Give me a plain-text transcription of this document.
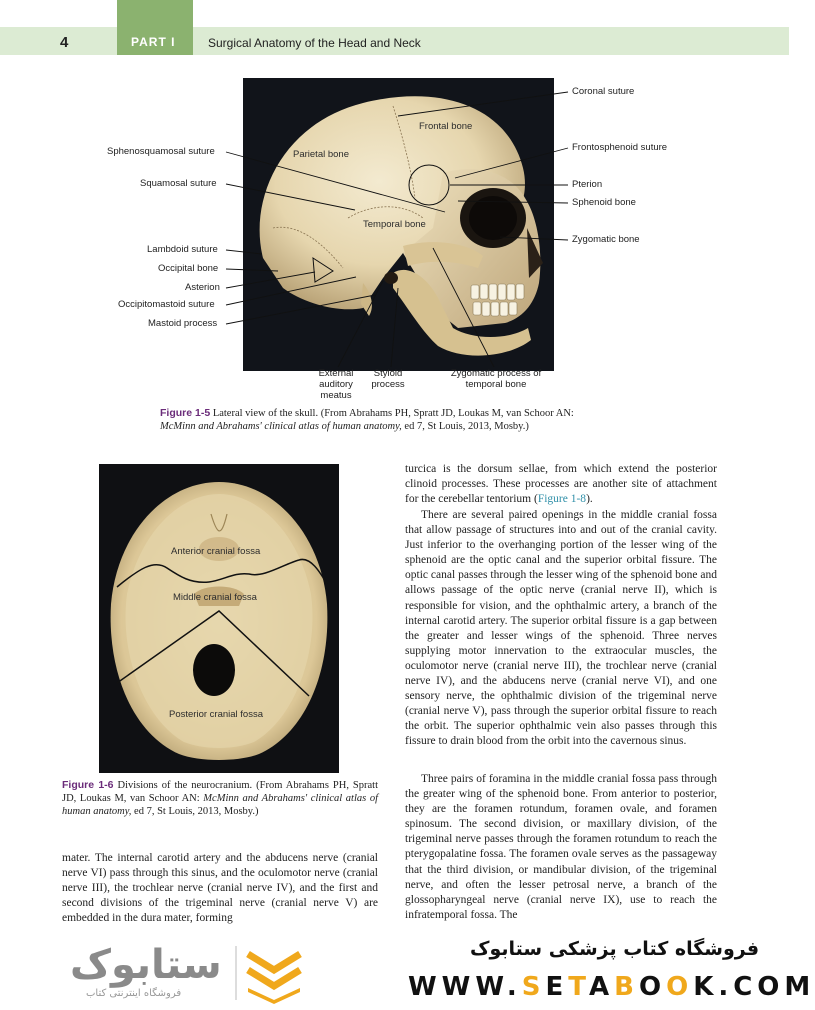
4	PART I	Surgical Anatomy of the Head and Neck
Frontal bone
Parietal bone
Temporal bone
Sphenosquamosal suture
Squamosal suture
Lambdoid suture
Occipital bone
Asterion
Occipitomastoid suture
Mastoid process
Coronal suture
Frontosphenoid suture
Pterion
Sphenoid bone
Zygomatic bone
External
auditory
meatus
Styloid
process
Zygomatic process of
temporal bone
Figure 1-5 Lateral view of the skull. (From Abrahams PH, Spratt JD, Loukas M, van Schoor AN:
McMinn and Abrahams' clinical atlas of human anatomy, ed 7, St Louis, 2013, Mosby.)
Anterior cranial fossa
Middle cranial fossa
Posterior cranial fossa
Figure 1-6 Divisions of the neurocranium. (From Abrahams PH, Spratt JD, Loukas M, van Schoor AN: McMinn and Abrahams' clinical atlas of human anatomy, ed 7, St Louis, 2013, Mosby.)
turcica is the dorsum sellae, from which extend the posterior clinoid processes. These processes are another site of attachment for the cerebellar tentorium (Figure 1-8).
There are several paired openings in the middle cranial fossa that allow passage of structures into and out of the cranial cavity. Just inferior to the overhanging portion of the lesser wing of the sphenoid are the optic canal and the superior orbital fissure. The optic canal passes through the lesser wing of the sphenoid bone and allows passage of the optic nerve (cranial nerve II), which is responsible for vision, and the ophthalmic artery, a branch of the internal carotid artery. The superior orbital fissure is a gap between the greater and lesser wings of the sphenoid. Three nerves supplying motor innervation to the extraocular muscles, the oculomotor nerve (cranial nerve III), the trochlear nerve (cranial nerve IV), and the abducens nerve (cranial nerve VI), and one sensory nerve, the ophthalmic division of the trigeminal nerve (cranial nerve V), pass through the superior orbital fissure to reach the orbit. The superior ophthalmic vein also passes through this fissure to drain blood from the orbit into the cavernous sinus.
Three pairs of foramina in the middle cranial fossa pass through the greater wing of the sphenoid bone. From anterior to posterior, they are the foramen rotundum, foramen ovale, and foramen spinosum. The second division, or maxillary division, of the trigeminal nerve passes through the foramen rotundum to reach the pterygopalatine fossa. The foramen ovale serves as the passageway that the third division, or mandibular division, of the trigeminal nerve, and often the lesser petrosal nerve, a branch of the glossopharyngeal nerve (cranial nerve IX), use to reach the infratemporal fossa. The
mater. The internal carotid artery and the abducens nerve (cranial nerve VI) pass through this sinus, and the oculomotor nerve (cranial nerve III), the trochlear nerve (cranial nerve IV), and the first and second divisions of the trigeminal nerve (cranial nerve V) are embedded in the dura mater, forming
ستابوک
فروشگاه اینترنتی کتاب
فروشگاه کتاب پزشکی ستابوک
WWW.SETABOOK.COM
